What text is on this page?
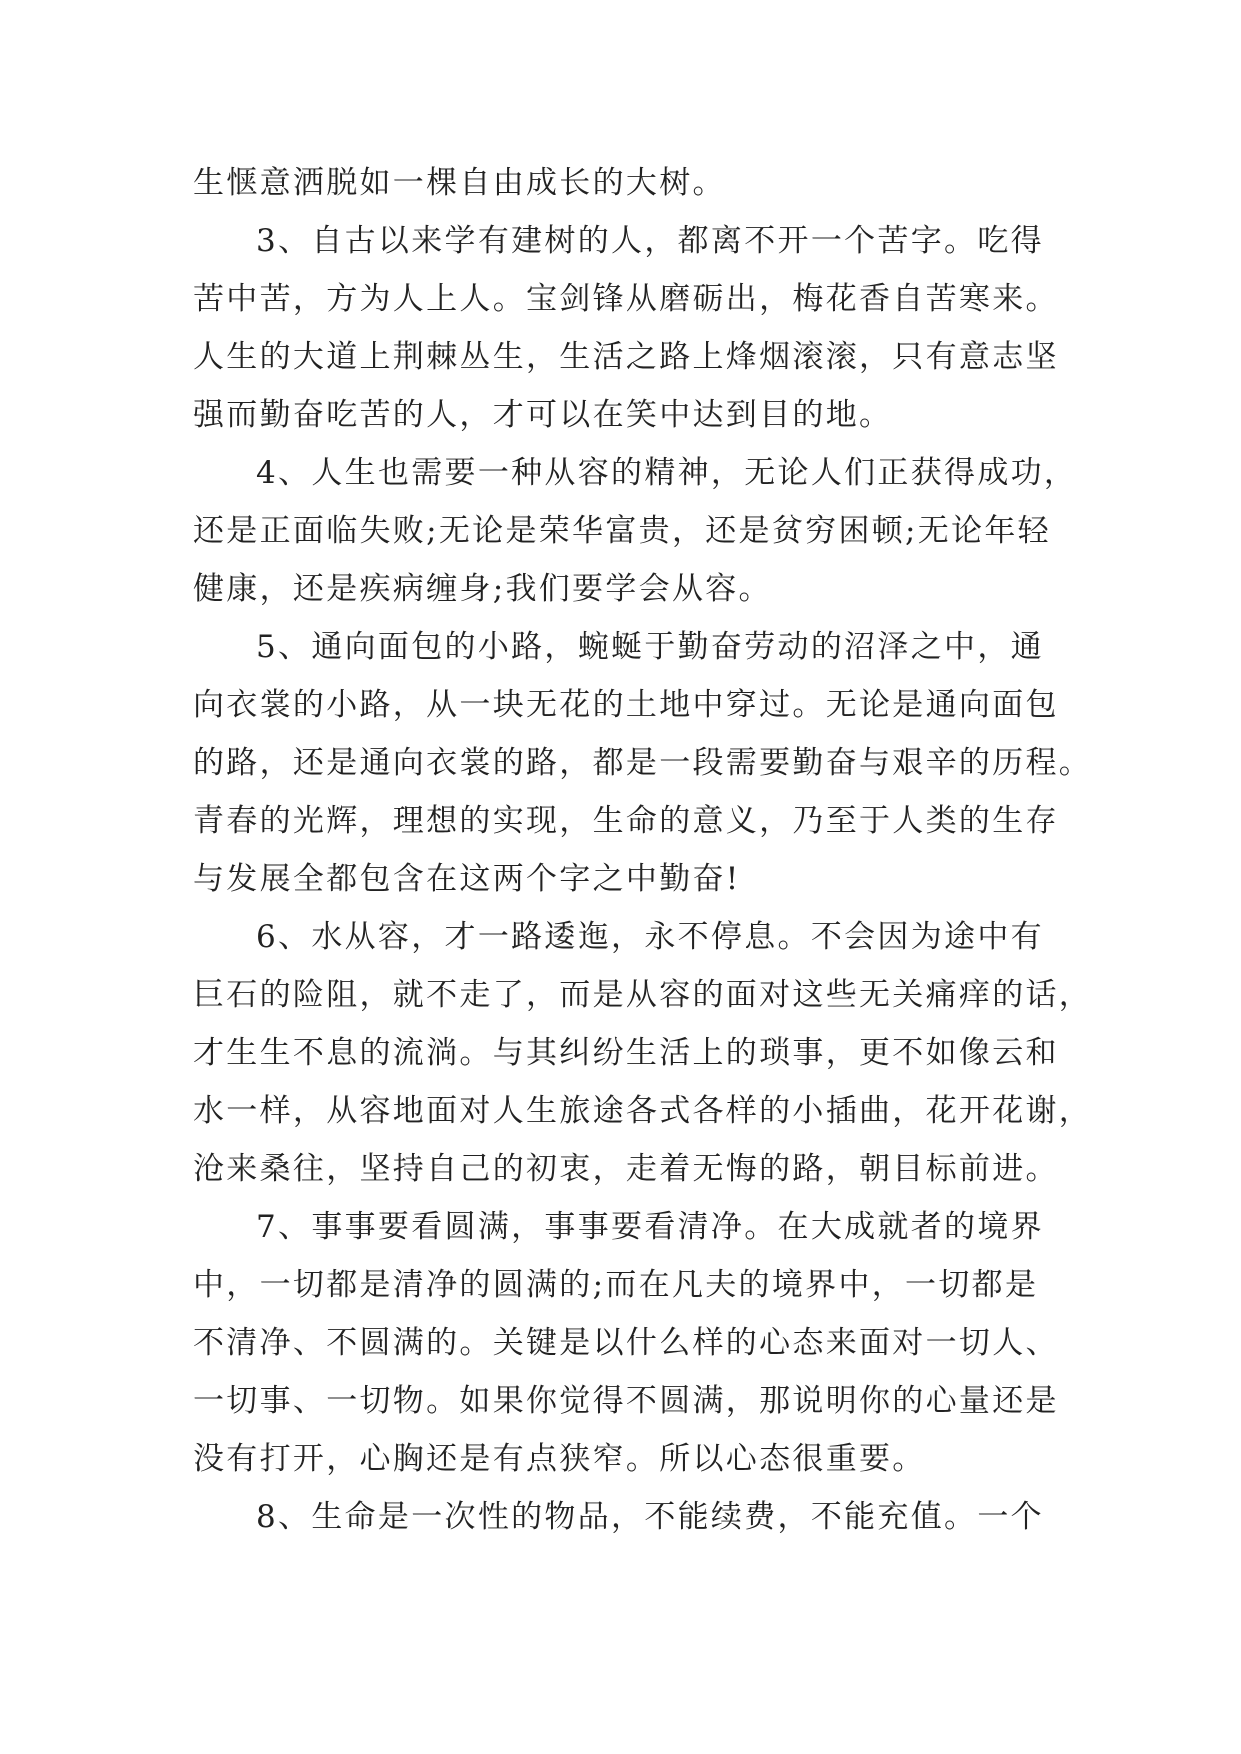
生惬意洒脱如一棵自由成长的大树。
3、自古以来学有建树的人，都离不开一个苦字。吃得
苦中苦，方为人上人。宝剑锋从磨砺出，梅花香自苦寒来。
人生的大道上荆棘丛生，生活之路上烽烟滚滚，只有意志坚
强而勤奋吃苦的人，才可以在笑中达到目的地。
4、人生也需要一种从容的精神，无论人们正获得成功，
还是正面临失败;无论是荣华富贵，还是贫穷困顿;无论年轻
健康，还是疾病缠身;我们要学会从容。
5、通向面包的小路，蜿蜒于勤奋劳动的沼泽之中，通
向衣裳的小路，从一块无花的土地中穿过。无论是通向面包
的路，还是通向衣裳的路，都是一段需要勤奋与艰辛的历程。
青春的光辉，理想的实现，生命的意义，乃至于人类的生存
与发展全都包含在这两个字之中勤奋!
6、水从容，才一路逶迤，永不停息。不会因为途中有
巨石的险阻，就不走了，而是从容的面对这些无关痛痒的话，
才生生不息的流淌。与其纠纷生活上的琐事，更不如像云和
水一样，从容地面对人生旅途各式各样的小插曲，花开花谢，
沧来桑往，坚持自己的初衷，走着无悔的路，朝目标前进。
7、事事要看圆满，事事要看清净。在大成就者的境界
中，一切都是清净的圆满的;而在凡夫的境界中，一切都是
不清净、不圆满的。关键是以什么样的心态来面对一切人、
一切事、一切物。如果你觉得不圆满，那说明你的心量还是
没有打开，心胸还是有点狭窄。所以心态很重要。
8、生命是一次性的物品，不能续费，不能充值。一个
